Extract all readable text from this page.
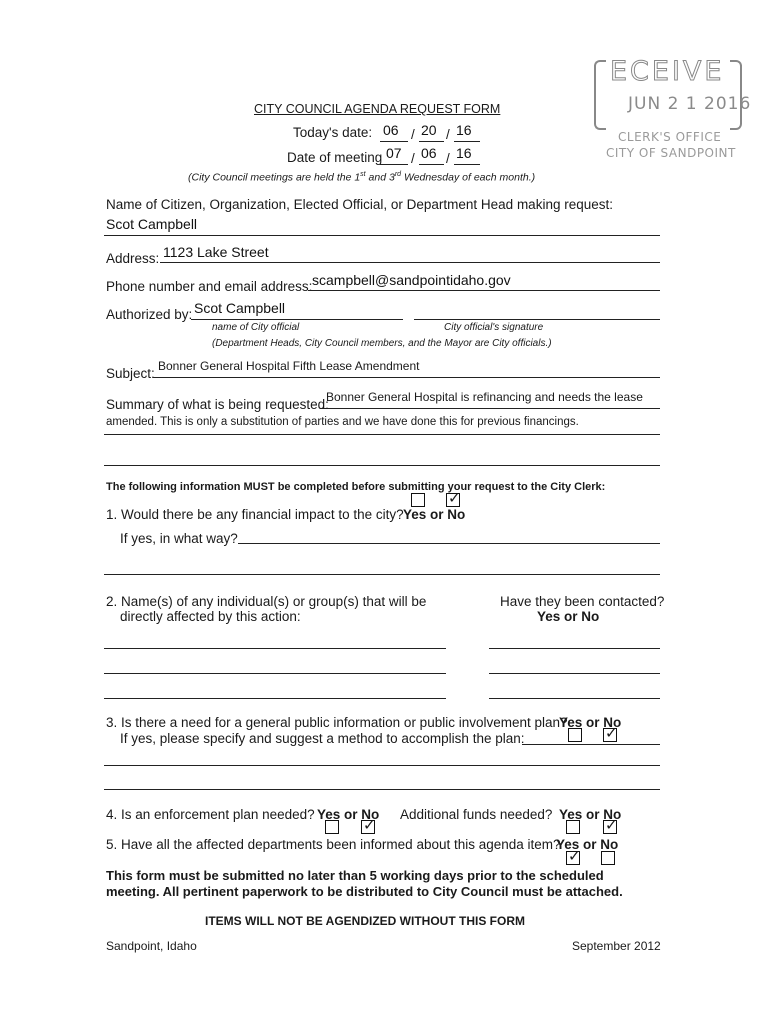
ECEIVE
JUN 2 1 2016
CLERK'S OFFICE
CITY OF SANDPOINT
CITY COUNCIL AGENDA REQUEST FORM
Today's date: 06 / 20 / 16
Date of meeting 07 / 06 / 16
(City Council meetings are held the 1st and 3rd Wednesday of each month.)
Name of Citizen, Organization, Elected Official, or Department Head making request:
Scot Campbell
Address: 1123 Lake Street
Phone number and email address: scampbell@sandpointidaho.gov
Authorized by: Scot Campbell
name of City official	City official's signature
(Department Heads, City Council members, and the Mayor are City officials.)
Subject: Bonner General Hospital Fifth Lease Amendment
Summary of what is being requested:
Bonner General Hospital is refinancing and needs the lease
amended. This is only a substitution of parties and we have done this for previous financings.
The following information MUST be completed before submitting your request to the City Clerk:
✓
1. Would there be any financial impact to the city? Yes or No
If yes, in what way?
2. Name(s) of any individual(s) or group(s) that will be
directly affected by this action:
Have they been contacted?
Yes or No
3. Is there a need for a general public information or public involvement plan?
Yes or No
If yes, please specify and suggest a method to accomplish the plan:	✓
4. Is an enforcement plan needed? Yes or No
✓
Additional funds needed? Yes or No
✓
5. Have all the affected departments been informed about this agenda item?
Yes or No
✓
This form must be submitted no later than 5 working days prior to the scheduled
meeting. All pertinent paperwork to be distributed to City Council must be attached.
ITEMS WILL NOT BE AGENDIZED WITHOUT THIS FORM
Sandpoint, Idaho	September 2012
